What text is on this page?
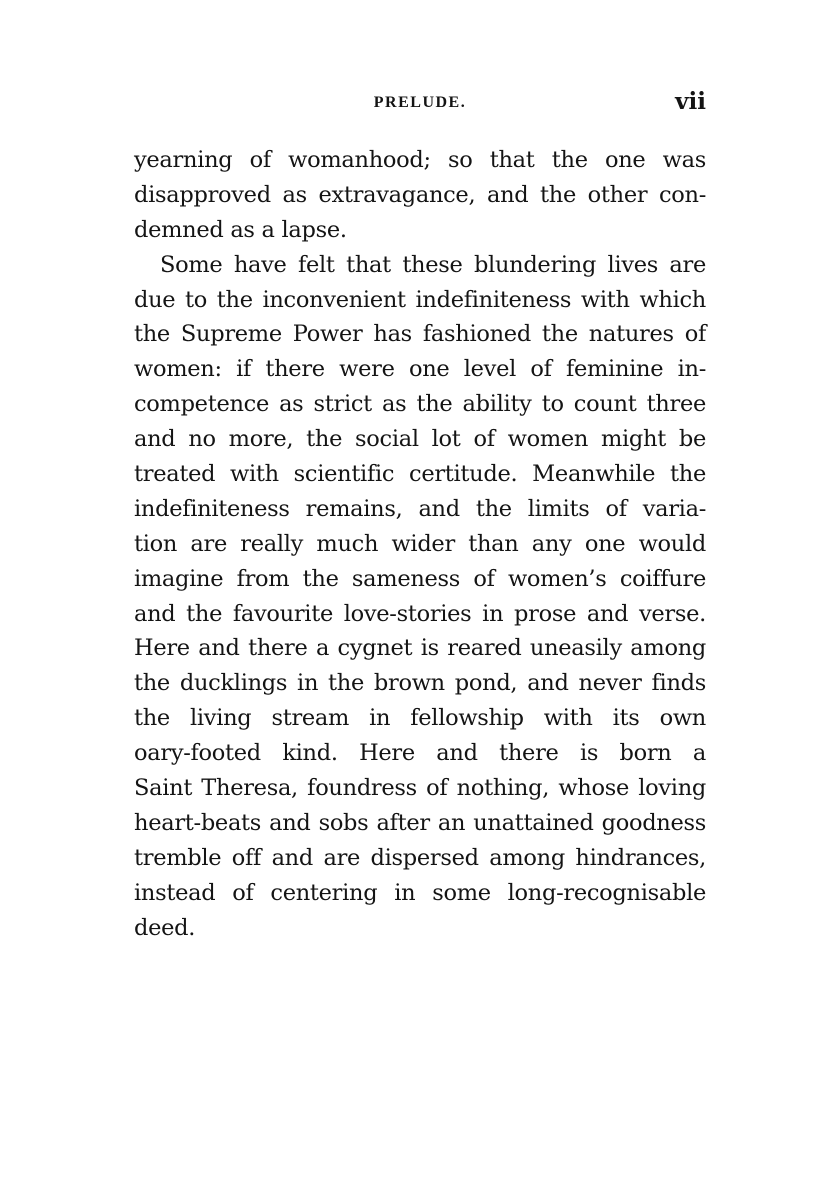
PRELUDE.	vii
yearning of womanhood; so that the one was
disapproved as extravagance, and the other con-
demned as a lapse.
Some have felt that these blundering lives are
due to the inconvenient indefiniteness with which
the Supreme Power has fashioned the natures of
women: if there were one level of feminine in-
competence as strict as the ability to count three
and no more, the social lot of women might be
treated with scientific certitude. Meanwhile the
indefiniteness remains, and the limits of varia-
tion are really much wider than any one would
imagine from the sameness of women’s coiffure
and the favourite love-stories in prose and verse.
Here and there a cygnet is reared uneasily among
the ducklings in the brown pond, and never finds
the living stream in fellowship with its own
oary-footed kind. Here and there is born a
Saint Theresa, foundress of nothing, whose loving
heart-beats and sobs after an unattained goodness
tremble off and are dispersed among hindrances,
instead of centering in some long-recognisable
deed.
